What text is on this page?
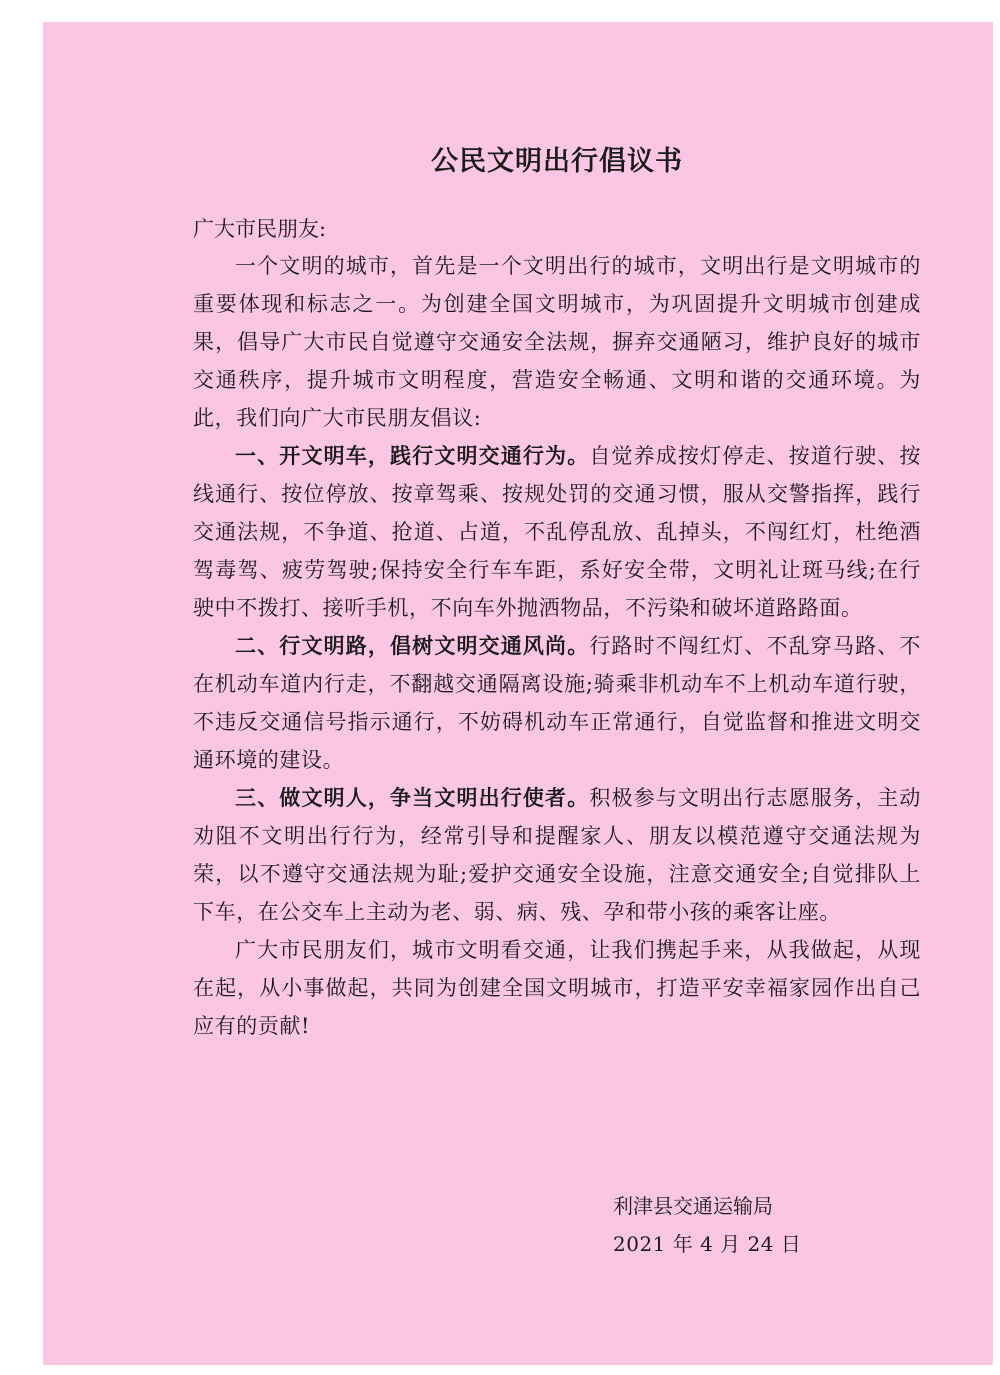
公民文明出行倡议书

广大市民朋友:

一个文明的城市，首先是一个文明出行的城市，文明出行是文明城市的重要体现和标志之一。为创建全国文明城市，为巩固提升文明城市创建成果，倡导广大市民自觉遵守交通安全法规，摒弃交通陋习，维护良好的城市交通秩序，提升城市文明程度，营造安全畅通、文明和谐的交通环境。为此，我们向广大市民朋友倡议:

一、开文明车，践行文明交通行为。自觉养成按灯停走、按道行驶、按线通行、按位停放、按章驾乘、按规处罚的交通习惯，服从交警指挥，践行交通法规，不争道、抢道、占道，不乱停乱放、乱掉头，不闯红灯，杜绝酒驾毒驾、疲劳驾驶;保持安全行车车距，系好安全带，文明礼让斑马线;在行驶中不拨打、接听手机，不向车外抛洒物品，不污染和破坏道路路面。

二、行文明路，倡树文明交通风尚。行路时不闯红灯、不乱穿马路、不在机动车道内行走，不翻越交通隔离设施;骑乘非机动车不上机动车道行驶，不违反交通信号指示通行，不妨碍机动车正常通行，自觉监督和推进文明交通环境的建设。

三、做文明人，争当文明出行使者。积极参与文明出行志愿服务，主动劝阻不文明出行行为，经常引导和提醒家人、朋友以模范遵守交通法规为荣，以不遵守交通法规为耻;爱护交通安全设施，注意交通安全;自觉排队上下车，在公交车上主动为老、弱、病、残、孕和带小孩的乘客让座。

广大市民朋友们，城市文明看交通，让我们携起手来，从我做起，从现在起，从小事做起，共同为创建全国文明城市，打造平安幸福家园作出自己应有的贡献!

利津县交通运输局
2021 年 4 月 24 日
